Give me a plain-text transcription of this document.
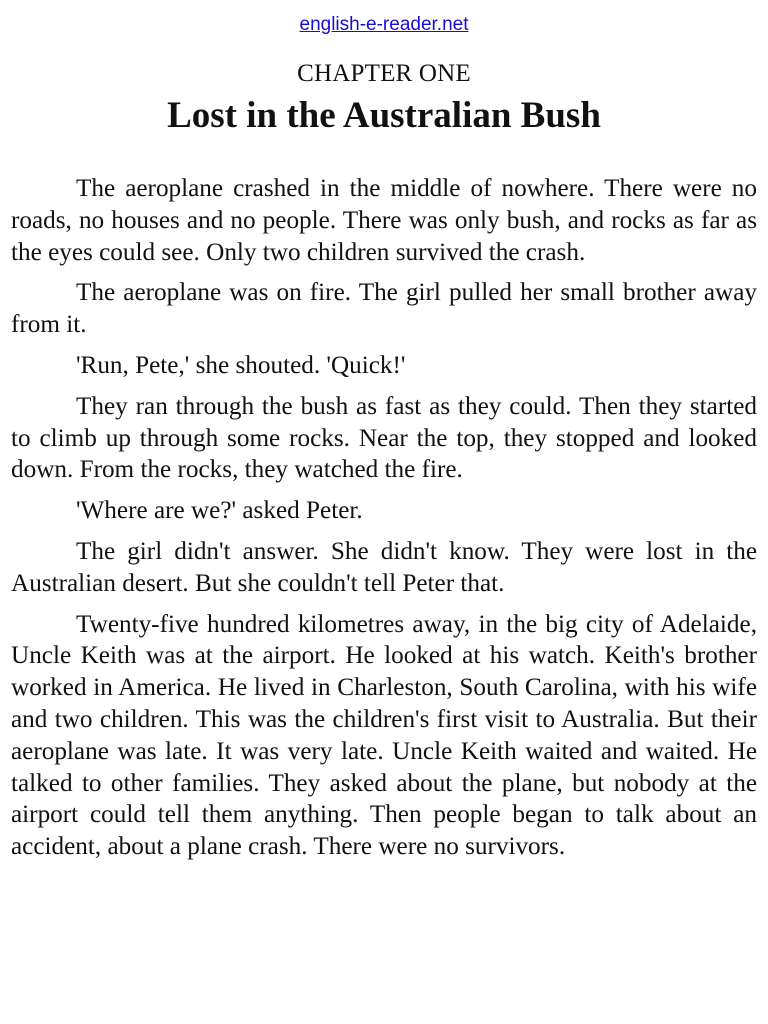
english-e-reader.net
CHAPTER ONE
Lost in the Australian Bush

The aeroplane crashed in the middle of nowhere. There were no roads, no houses and no people. There was only bush, and rocks as far as the eyes could see. Only two children survived the crash.

The aeroplane was on fire. The girl pulled her small brother away from it.

'Run, Pete,' she shouted. 'Quick!'

They ran through the bush as fast as they could. Then they started to climb up through some rocks. Near the top, they stopped and looked down. From the rocks, they watched the fire.

'Where are we?' asked Peter.

The girl didn't answer. She didn't know. They were lost in the Australian desert. But she couldn't tell Peter that.

Twenty-five hundred kilometres away, in the big city of Adelaide, Uncle Keith was at the airport. He looked at his watch. Keith's brother worked in America. He lived in Charleston, South Carolina, with his wife and two children. This was the children's first visit to Australia. But their aeroplane was late. It was very late. Uncle Keith waited and waited. He talked to other families. They asked about the plane, but nobody at the airport could tell them anything. Then people began to talk about an accident, about a plane crash. There were no survivors.
